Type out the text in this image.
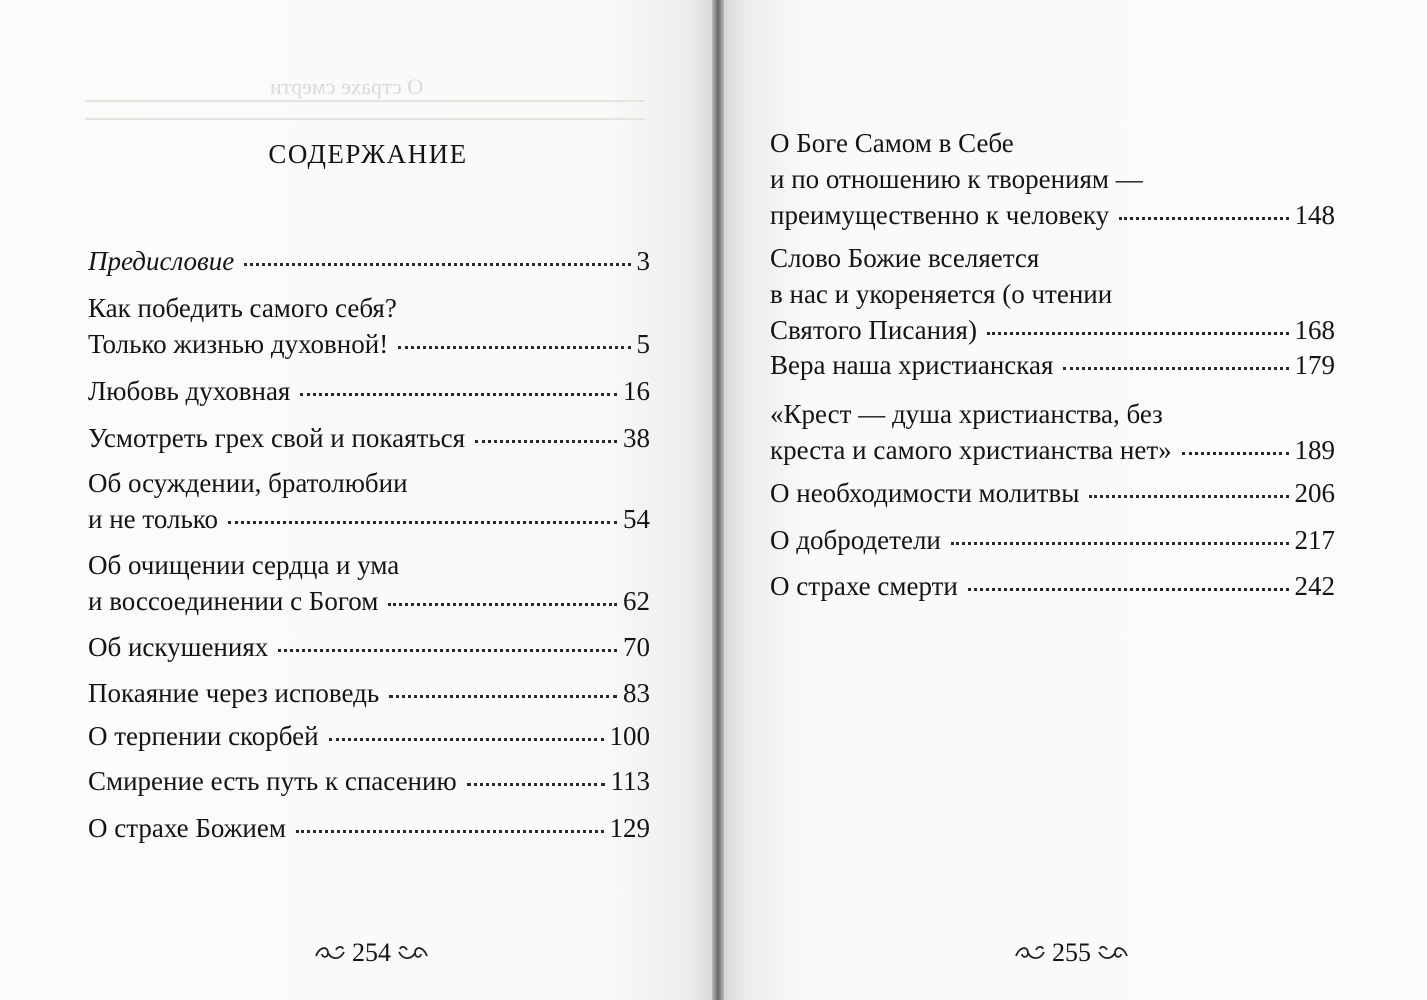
О страхе смерти
СОДЕРЖАНИЕ
Предисловие	3
Как победить самого себя?
Только жизнью духовной!	5
Любовь духовная	16
Усмотреть грех свой и покаяться	38
Об осуждении, братолюбии
и не только	54
Об очищении сердца и ума
и воссоединении с Богом	62
Об искушениях	70
Покаяние через исповедь	83
О терпении скорбей	100
Смирение есть путь к спасению	113
О страхе Божием	129
254
О Боге Самом в Себе
и по отношению к творениям —
преимущественно к человеку	148
Слово Божие вселяется
в нас и укореняется (о чтении
Святого Писания)	168
Вера наша христианская	179
«Крест — душа христианства, без
креста и самого христианства нет»	189
О необходимости молитвы	206
О добродетели	217
О страхе смерти	242
255
